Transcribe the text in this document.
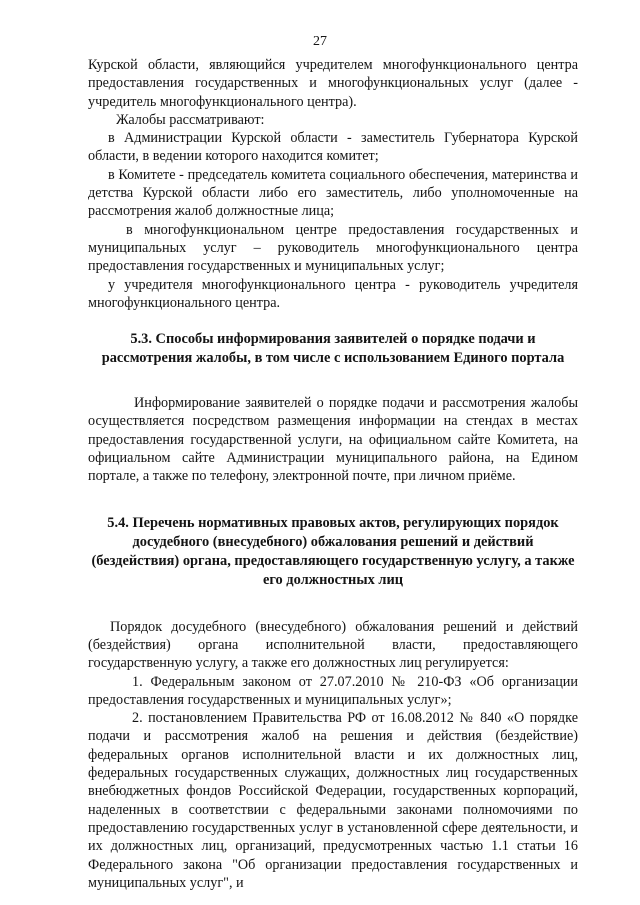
27

Курской области, являющийся учредителем многофункционального центра предоставления государственных и многофункциональных услуг (далее - учредитель многофункционального центра).

Жалобы рассматривают:

в Администрации Курской области - заместитель Губернатора Курской области, в ведении которого находится комитет;

в Комитете - председатель комитета социального обеспечения, материнства и детства Курской области либо его заместитель, либо уполномоченные на рассмотрения жалоб должностные лица;

в многофункциональном центре предоставления государственных и муниципальных услуг – руководитель многофункционального центра предоставления государственных и муниципальных услуг;

у учредителя многофункционального центра - руководитель учредителя многофункционального центра.

5.3. Способы информирования заявителей о порядке подачи и рассмотрения жалобы, в том числе с использованием Единого портала

Информирование заявителей о порядке подачи и рассмотрения жалобы осуществляется посредством размещения информации на стендах в местах предоставления государственной услуги, на официальном сайте Комитета, на официальном сайте Администрации муниципального района, на Едином портале, а также по телефону, электронной почте, при личном приёме.

5.4. Перечень нормативных правовых актов, регулирующих порядок досудебного (внесудебного) обжалования решений и действий (бездействия) органа, предоставляющего государственную услугу, а также его должностных лиц

Порядок досудебного (внесудебного) обжалования решений и действий (бездействия) органа исполнительной власти, предоставляющего государственную услугу, а также его должностных лиц регулируется:

1. Федеральным законом от 27.07.2010 № 210-ФЗ «Об организации предоставления государственных и муниципальных услуг»;

2. постановлением Правительства РФ от 16.08.2012 № 840 «О порядке подачи и рассмотрения жалоб на решения и действия (бездействие) федеральных органов исполнительной власти и их должностных лиц, федеральных государственных служащих, должностных лиц государственных внебюджетных фондов Российской Федерации, государственных корпораций, наделенных в соответствии с федеральными законами полномочиями по предоставлению государственных услуг в установленной сфере деятельности, и их должностных лиц, организаций, предусмотренных частью 1.1 статьи 16 Федерального закона "Об организации предоставления государственных и муниципальных услуг", и
